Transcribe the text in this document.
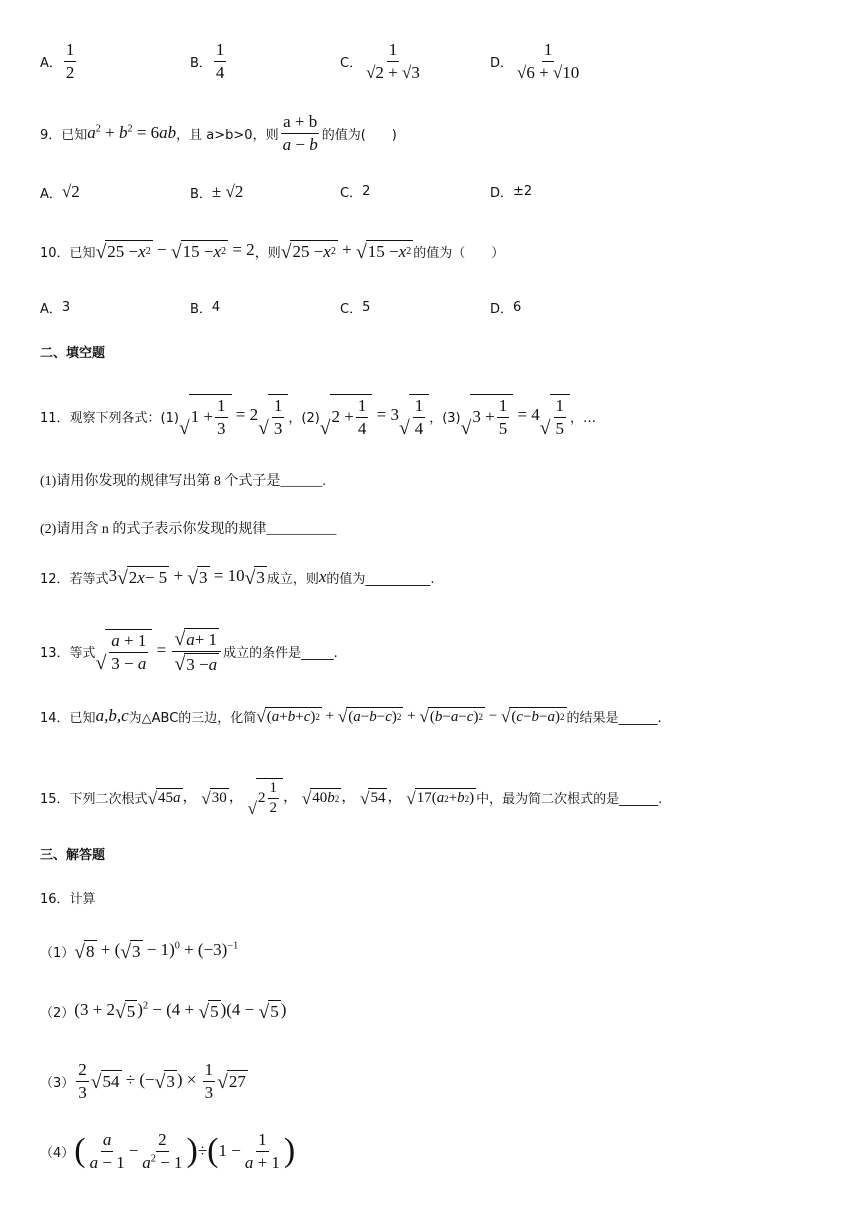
A． $\frac{1}{2}$	B． $\frac{1}{4}$	C． $\frac{1}{√2 + √3}$	D． $\frac{1}{√6 + √10}$
9． 已知 $a^2 + b^2 = 6ab$ ，且 a>b>0，则 $\frac{a + b}{a - b}$ 的值为(　　)
A． √2	B． ± √2	C． 2	D． ±2
10． 已知 √ 25 − x 2 − √ 15 − x 2 = 2 ，则 √ 25 − x 2 + √ 15 − x 2 的值为（　　）
A． 3	B． 4	C． 5	D． 6
二、填空题
11． 观察下列各式：(1) √
$1 + \frac{1}{3} = 2$
√ $\frac{1}{3}$ ，(2) √
$2 + \frac{1}{4} = 3$
√ $\frac{1}{4}$ ，(3) √
$3 + \frac{1}{5} = 4$
√ $\frac{1}{5}$ ，…
(1)请用你发现的规律写出第 8 个式子是______.
(2)请用含 n 的式子表示你发现的规律__________
12． 若等式 3 √ 2 x − 5 + √ 3 = 10 √ 3 成立，则 x 的值为__________.
13． 等式 √ $\frac{a + 1}{3 - a} = \frac{√ a + 1}{√ 3 - a}$ 成立的条件是_____.
14． 已知 a,b,c 为△ABC的三边，化简 √ ( a + b + c ) 2 + √ ( a − b − c ) 2 + √ ( b − a − c ) 2 − √ ( c − b − a ) 2 的结果是______.
15． 下列二次根式 √ 45 a ， √ 30 ，
√
$2 \frac{1}{2}$ ， √ 40 b 2 ， √ 54 ， √ 17( a 2 + b 2 ) 中，最为简二次根式的是______.
三、解答题
16． 计算
（1） √ 8 + ( √ $3 - 1)^0 + (-3)^{-1}$
（2） (3 + 2 √ 5 )$^2$ − (4 + √ 5 )(4 − √ 5 )
$(3) \frac{2}{3}$ √ 54 ÷ (− √ 3 ) × $\frac{1}{3}$ √ 27
（4） ( $\frac{a}{a - 1} - \frac{2}{a^2 - 1}$ ) ÷ ( $1 - \frac{1}{a + 1}$ )
